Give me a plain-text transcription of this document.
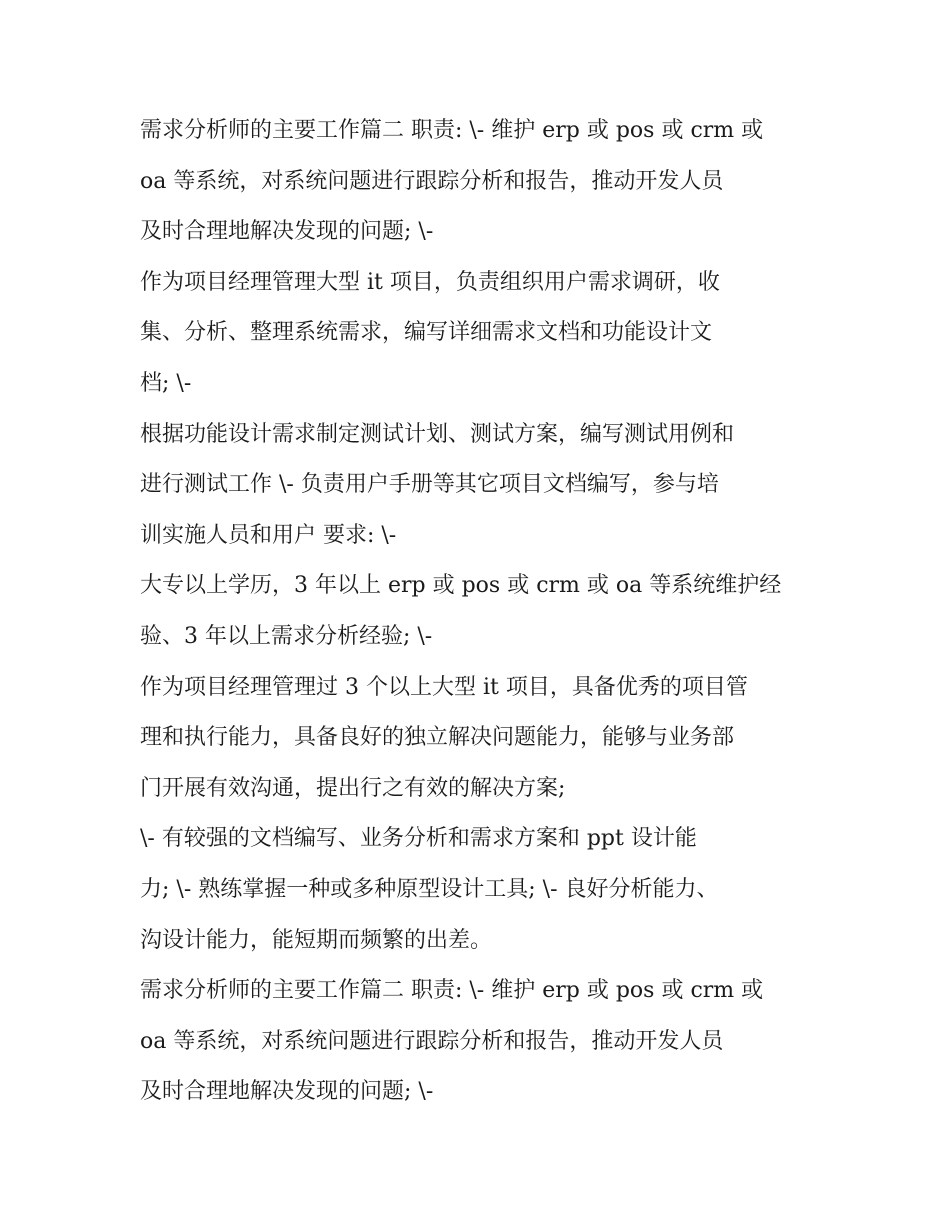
需求分析师的主要工作篇二 职责: \- 维护 erp 或 pos 或 crm 或
oa 等系统，对系统问题进行跟踪分析和报告，推动开发人员
及时合理地解决发现的问题; \-
作为项目经理管理大型 it 项目，负责组织用户需求调研，收
集、分析、整理系统需求，编写详细需求文档和功能设计文
档; \-
根据功能设计需求制定测试计划、测试方案，编写测试用例和
进行测试工作 \- 负责用户手册等其它项目文档编写，参与培
训实施人员和用户 要求: \-
大专以上学历，3 年以上 erp 或 pos 或 crm 或 oa 等系统维护经
验、3 年以上需求分析经验; \-
作为项目经理管理过 3 个以上大型 it 项目，具备优秀的项目管
理和执行能力，具备良好的独立解决问题能力，能够与业务部
门开展有效沟通，提出行之有效的解决方案;
\- 有较强的文档编写、业务分析和需求方案和 ppt 设计能
力; \- 熟练掌握一种或多种原型设计工具; \- 良好分析能力、
沟设计能力，能短期而频繁的出差。
需求分析师的主要工作篇二 职责: \- 维护 erp 或 pos 或 crm 或
oa 等系统，对系统问题进行跟踪分析和报告，推动开发人员
及时合理地解决发现的问题; \-
